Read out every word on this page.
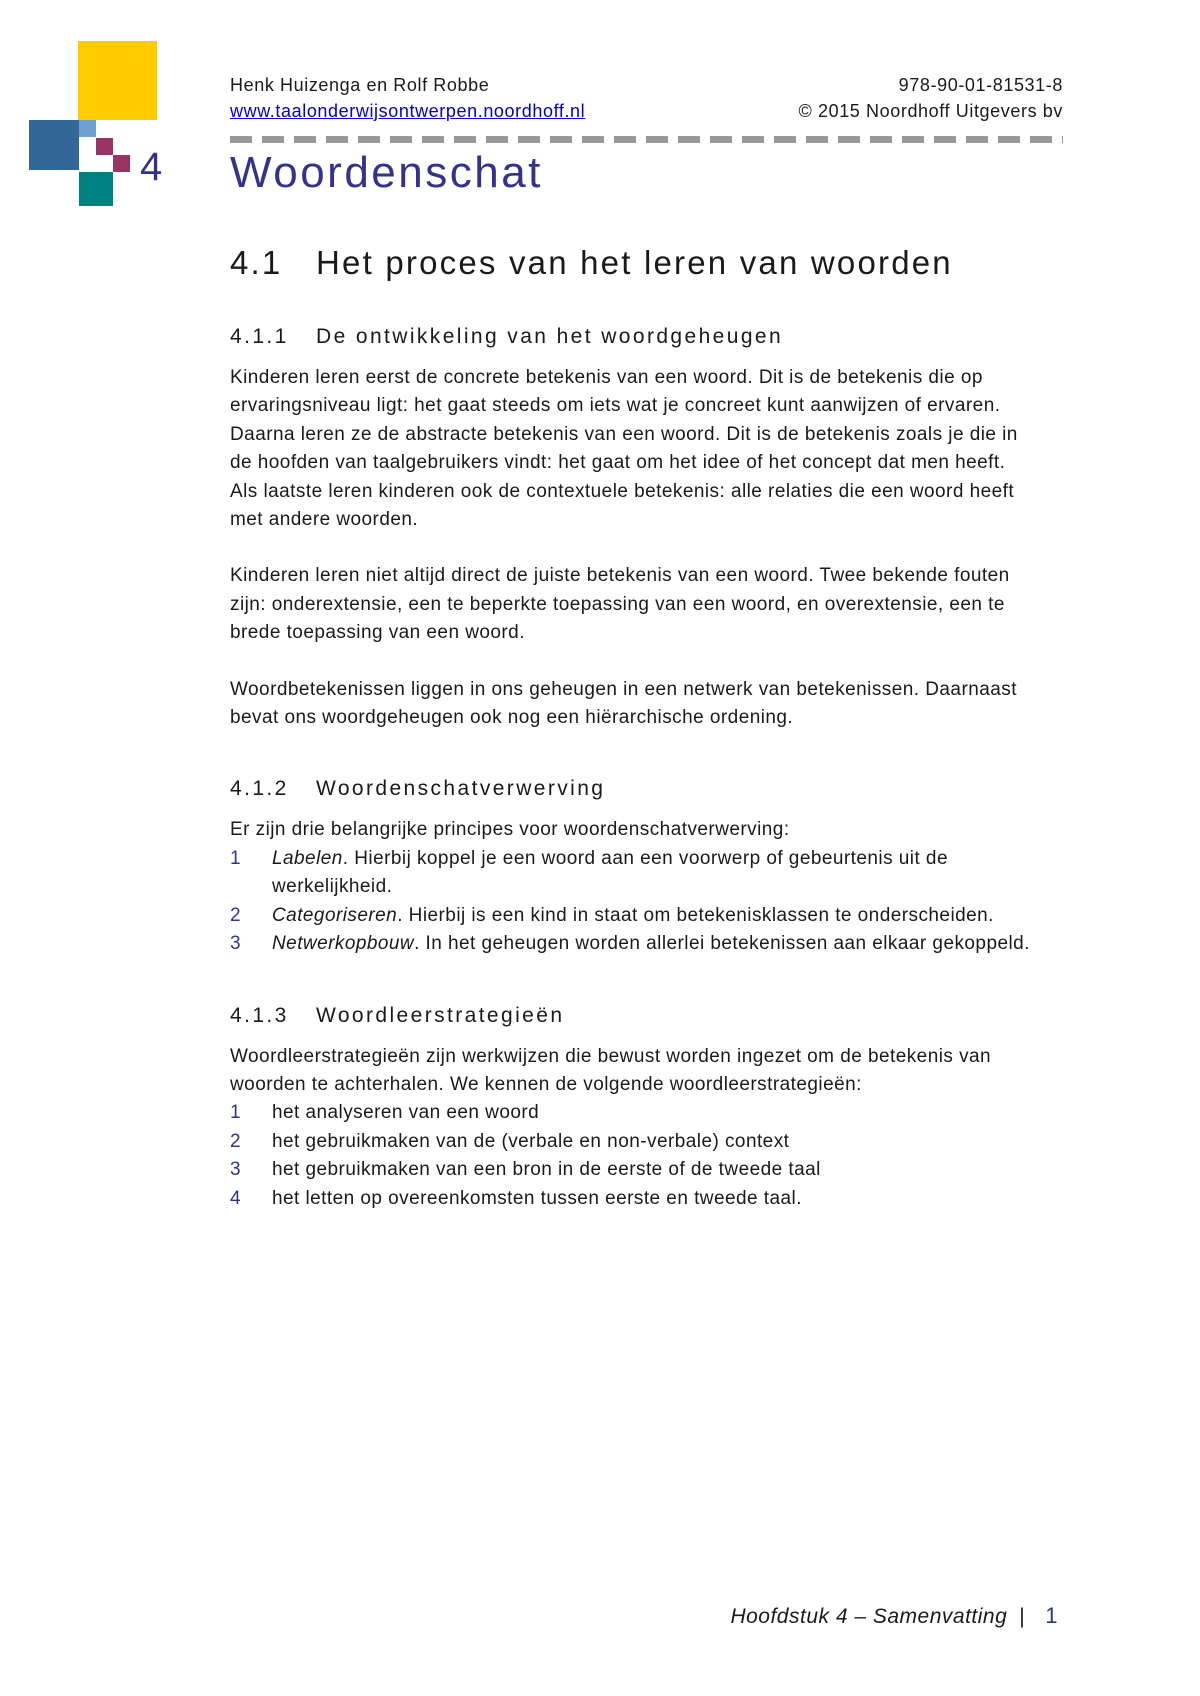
4
Henk Huizenga en Rolf Robbe
www.taalonderwijsontwerpen.noordhoff.nl
978-90-01-81531-8
© 2015 Noordhoff Uitgevers bv
Woordenschat
4.1 Het proces van het leren van woorden
4.1.1 De ontwikkeling van het woordgeheugen

Kinderen leren eerst de concrete betekenis van een woord. Dit is de betekenis die op ervaringsniveau ligt: het gaat steeds om iets wat je concreet kunt aanwijzen of ervaren. Daarna leren ze de abstracte betekenis van een woord. Dit is de betekenis zoals je die in de hoofden van taalgebruikers vindt: het gaat om het idee of het concept dat men heeft. Als laatste leren kinderen ook de contextuele betekenis: alle relaties die een woord heeft met andere woorden.

Kinderen leren niet altijd direct de juiste betekenis van een woord. Twee bekende fouten zijn: onderextensie, een te beperkte toepassing van een woord, en overextensie, een te brede toepassing van een woord.

Woordbetekenissen liggen in ons geheugen in een netwerk van betekenissen. Daarnaast bevat ons woordgeheugen ook nog een hiërarchische ordening.

4.1.2 Woordenschatverwerving

Er zijn drie belangrijke principes voor woordenschatverwerving:

1 Labelen. Hierbij koppel je een woord aan een voorwerp of gebeurtenis uit de werkelijkheid.
2 Categoriseren. Hierbij is een kind in staat om betekenisklassen te onderscheiden.
3 Netwerkopbouw. In het geheugen worden allerlei betekenissen aan elkaar gekoppeld.
4.1.3 Woordleerstrategieën

Woordleerstrategieën zijn werkwijzen die bewust worden ingezet om de betekenis van woorden te achterhalen. We kennen de volgende woordleerstrategieën:

1 het analyseren van een woord
2 het gebruikmaken van de (verbale en non-verbale) context
3 het gebruikmaken van een bron in de eerste of de tweede taal
4 het letten op overeenkomsten tussen eerste en tweede taal.
Hoofdstuk 4 – Samenvatting | 1
